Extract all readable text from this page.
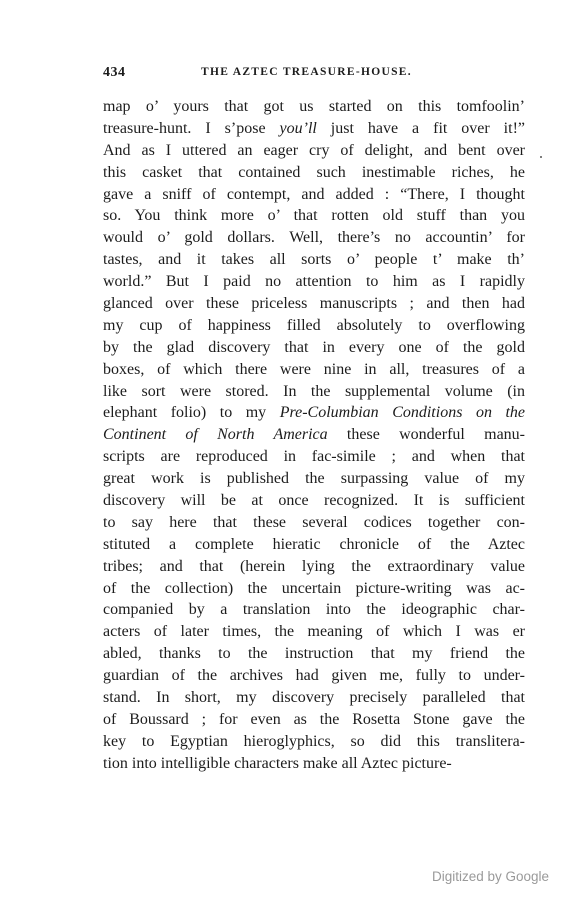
434	THE AZTEC TREASURE-HOUSE.
map o’ yours that got us started on this tomfoolin’
treasure-hunt. I s’pose you’ll just have a fit over it!”
And as I uttered an eager cry of delight, and bent over
this casket that contained such inestimable riches, he
gave a sniff of contempt, and added : “There, I thought
so. You think more o’ that rotten old stuff than you
would o’ gold dollars. Well, there’s no accountin’ for
tastes, and it takes all sorts o’ people t’ make th’
world.” But I paid no attention to him as I rapidly
glanced over these priceless manuscripts ; and then had
my cup of happiness filled absolutely to overflowing
by the glad discovery that in every one of the gold
boxes, of which there were nine in all, treasures of a
like sort were stored. In the supplemental volume (in
elephant folio) to my Pre-Columbian Conditions on the
Continent of North America these wonderful manu-
scripts are reproduced in fac-simile ; and when that
great work is published the surpassing value of my
discovery will be at once recognized. It is sufficient
to say here that these several codices together con-
stituted a complete hieratic chronicle of the Aztec
tribes; and that (herein lying the extraordinary value
of the collection) the uncertain picture-writing was ac-
companied by a translation into the ideographic char-
acters of later times, the meaning of which I was er
abled, thanks to the instruction that my friend the
guardian of the archives had given me, fully to under-
stand. In short, my discovery precisely paralleled that
of Boussard ; for even as the Rosetta Stone gave the
key to Egyptian hieroglyphics, so did this translitera-
tion into intelligible characters make all Aztec picture-
Digitized by Google
